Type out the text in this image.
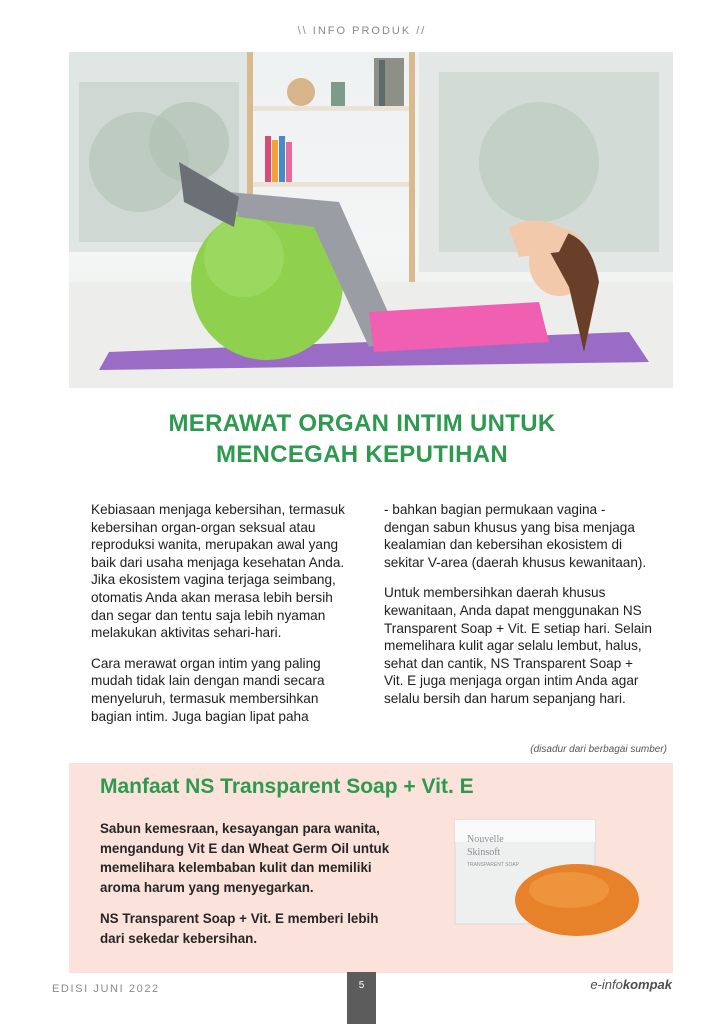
\\ INFO PRODUK //
MERAWAT ORGAN INTIM UNTUK
MENCEGAH KEPUTIHAN

Kebiasaan menjaga kebersihan, termasuk kebersihan organ-organ seksual atau reproduksi wanita, merupakan awal yang baik dari usaha menjaga kesehatan Anda. Jika ekosistem vagina terjaga seimbang, otomatis Anda akan merasa lebih bersih dan segar dan tentu saja lebih nyaman melakukan aktivitas sehari-hari.

Cara merawat organ intim yang paling mudah tidak lain dengan mandi secara menyeluruh, termasuk membersihkan bagian intim. Juga bagian lipat paha

- bahkan bagian permukaan vagina - dengan sabun khusus yang bisa menjaga kealamian dan kebersihan ekosistem di sekitar V-area (daerah khusus kewanitaan).

Untuk membersihkan daerah khusus kewanitaan, Anda dapat menggunakan NS Transparent Soap + Vit. E setiap hari. Selain memelihara kulit agar selalu lembut, halus, sehat dan cantik, NS Transparent Soap + Vit. E juga menjaga organ intim Anda agar selalu bersih dan harum sepanjang hari.

(disadur dari berbagai sumber)
Manfaat NS Transparent Soap + Vit. E

Sabun kemesraan, kesayangan para wanita, mengandung Vit E dan Wheat Germ Oil untuk memelihara kelembaban kulit dan memiliki aroma harum yang menyegarkan.

NS Transparent Soap + Vit. E memberi lebih dari sekedar kebersihan.

Nouvelle
Skinsoft
TRANSPARENT SOAP
EDISI JUNI 2022	5	e-infokompak
